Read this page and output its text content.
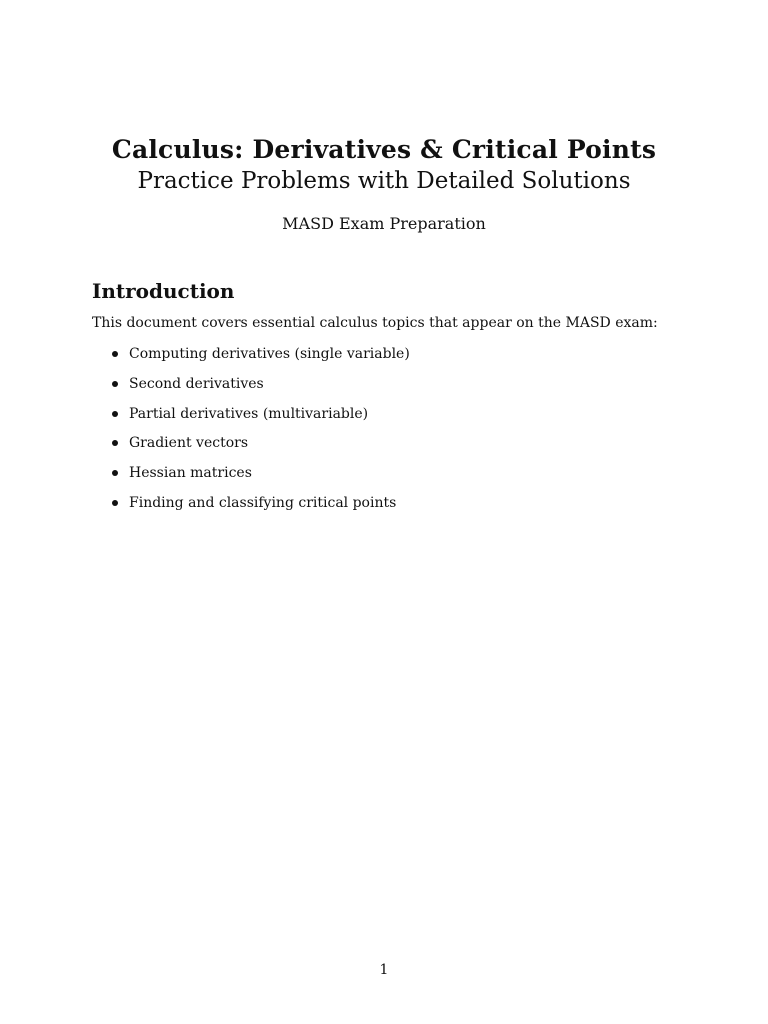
Calculus: Derivatives & Critical Points
Practice Problems with Detailed Solutions
MASD Exam Preparation
Introduction
This document covers essential calculus topics that appear on the MASD exam:
Computing derivatives (single variable)
Second derivatives
Partial derivatives (multivariable)
Gradient vectors
Hessian matrices
Finding and classifying critical points
1
